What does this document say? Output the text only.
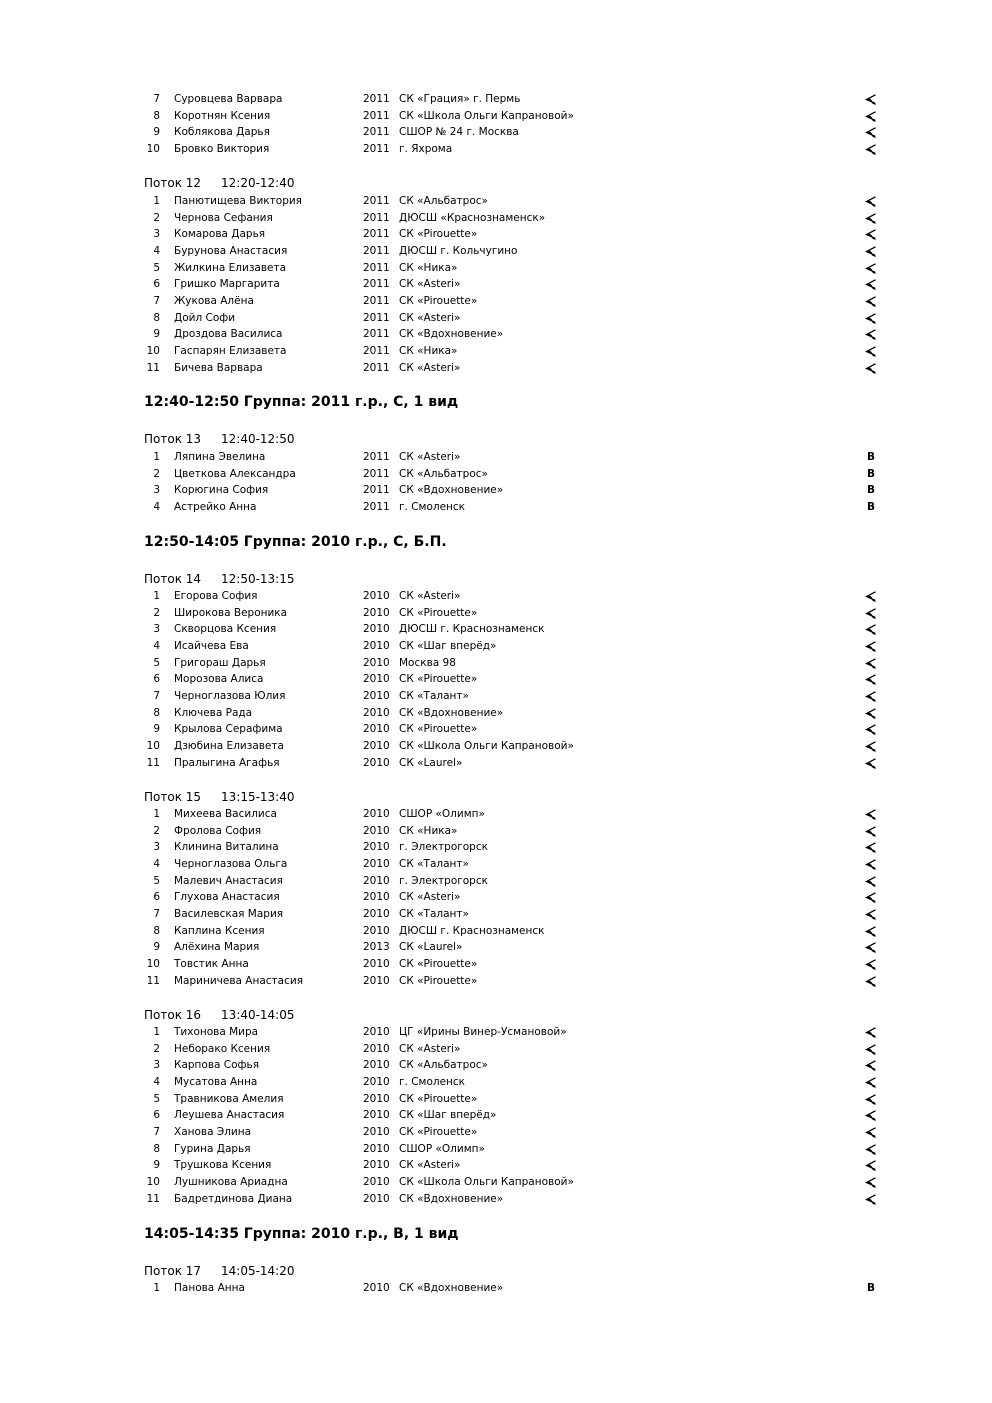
7 Суровцева Варвара	2011 СК «Грация» г. Пермь
8 Коротнян Ксения	2011 СК «Школа Ольги Капрановой»
9 Коблякова Дарья	2011 СШОР № 24 г. Москва
10 Бровко Виктория	2011 г. Яхрома
Поток 12 12:20-12:40
1 Панютищева Виктория	2011 СК «Альбатрос»
2 Чернова Сефания	2011 ДЮСШ «Краснознаменск»
3 Комарова Дарья	2011 СК «Pirouette»
4 Бурунова Анастасия	2011 ДЮСШ г. Кольчугино
5 Жилкина Елизавета	2011 СК «Ника»
6 Гришко Маргарита	2011 СК «Asteri»
7 Жукова Алёна	2011 СК «Pirouette»
8 Дойл Софи	2011 СК «Asteri»
9 Дроздова Василиса	2011 СК «Вдохновение»
10 Гаспарян Елизавета	2011 СК «Ника»
11 Бичева Варвара	2011 СК «Asteri»
12:40-12:50 Группа: 2011 г.р., С, 1 вид
Поток 13 12:40-12:50
1 Ляпина Эвелина	2011 СК «Asteri»	В
2 Цветкова Александра	2011 СК «Альбатрос»	В
3 Корюгина София	2011 СК «Вдохновение»	В
4 Астрейко Анна	2011 г. Смоленск	В
12:50-14:05 Группа: 2010 г.р., С, Б.П.
Поток 14 12:50-13:15
1 Егорова София	2010 СК «Asteri»
2 Широкова Вероника	2010 СК «Pirouette»
3 Скворцова Ксения	2010 ДЮСШ г. Краснознаменск
4 Исайчева Ева	2010 СК «Шаг вперёд»
5 Григораш Дарья	2010 Москва 98
6 Морозова Алиса	2010 СК «Pirouette»
7 Черноглазова Юлия	2010 СК «Талант»
8 Ключева Рада	2010 СК «Вдохновение»
9 Крылова Серафима	2010 СК «Pirouette»
10 Дзюбина Елизавета	2010 СК «Школа Ольги Капрановой»
11 Пралыгина Агафья	2010 СК «Laurel»
Поток 15 13:15-13:40
1 Михеева Василиса	2010 СШОР «Олимп»
2 Фролова София	2010 СК «Ника»
3 Клинина Виталина	2010 г. Электрогорск
4 Черноглазова Ольга	2010 СК «Талант»
5 Малевич Анастасия	2010 г. Электрогорск
6 Глухова Анастасия	2010 СК «Asteri»
7 Василевская Мария	2010 СК «Талант»
8 Каплина Ксения	2010 ДЮСШ г. Краснознаменск
9 Алёхина Мария	2013 СК «Laurel»
10 Товстик Анна	2010 СК «Pirouette»
11 Мариничева Анастасия	2010 СК «Pirouette»
Поток 16 13:40-14:05
1 Тихонова Мира	2010 ЦГ «Ирины Винер-Усмановой»
2 Неборако Ксения	2010 СК «Asteri»
3 Карпова Софья	2010 СК «Альбатрос»
4 Мусатова Анна	2010 г. Смоленск
5 Травникова Амелия	2010 СК «Pirouette»
6 Леушева Анастасия	2010 СК «Шаг вперёд»
7 Ханова Элина	2010 СК «Pirouette»
8 Гурина Дарья	2010 СШОР «Олимп»
9 Трушкова Ксения	2010 СК «Asteri»
10 Лушникова Ариадна	2010 СК «Школа Ольги Капрановой»
11 Бадретдинова Диана	2010 СК «Вдохновение»
14:05-14:35 Группа: 2010 г.р., В, 1 вид
Поток 17 14:05-14:20
1 Панова Анна	2010 СК «Вдохновение»	В
